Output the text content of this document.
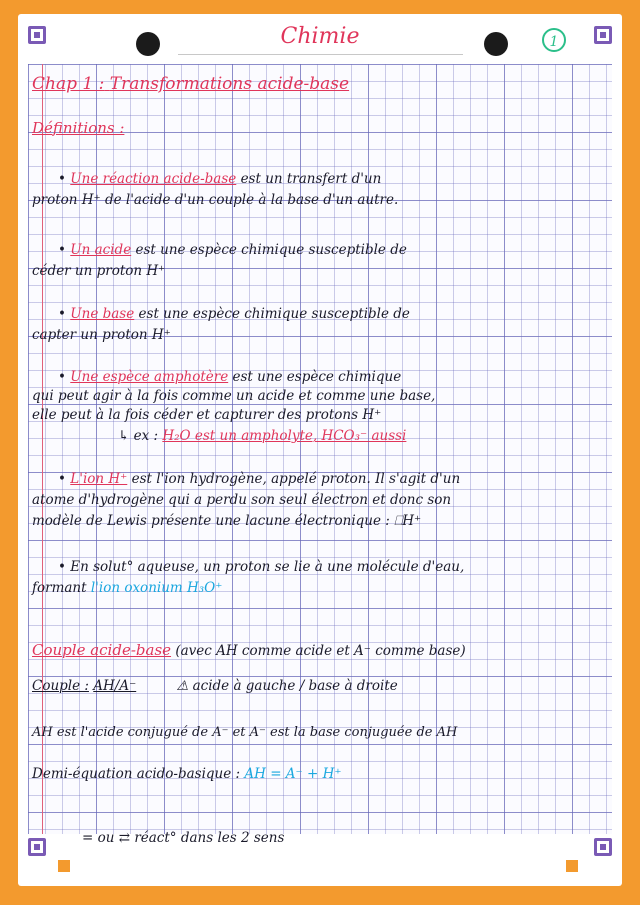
Chimie	1
Chap 1 : Transformations acide-base
Définitions :
• Une réaction acide-base est un transfert d'un
proton H⁺ de l'acide d'un couple à la base d'un autre.
• Un acide est une espèce chimique susceptible de
céder un proton H⁺
• Une base est une espèce chimique susceptible de
capter un proton H⁺
• Une espèce amphotère est une espèce chimique
qui peut agir à la fois comme un acide et comme une base,
elle peut à la fois céder et capturer des protons H⁺
↳ ex : H₂O est un ampholyte, HCO₃⁻ aussi
• L'ion H⁺ est l'ion hydrogène, appelé proton. Il s'agit d'un
atome d'hydrogène qui a perdu son seul électron et donc son
modèle de Lewis présente une lacune électronique : ⎕H⁺
• En solut° aqueuse, un proton se lie à une molécule d'eau,
formant l'ion oxonium H₃O⁺
Couple acide-base (avec AH comme acide et A⁻ comme base)
Couple : AH/A⁻	⚠ acide à gauche / base à droite
AH est l'acide conjugué de A⁻ et A⁻ est la base conjuguée de AH
Demi-équation acido-basique : AH = A⁻ + H⁺
= ou ⇄ réact° dans les 2 sens
